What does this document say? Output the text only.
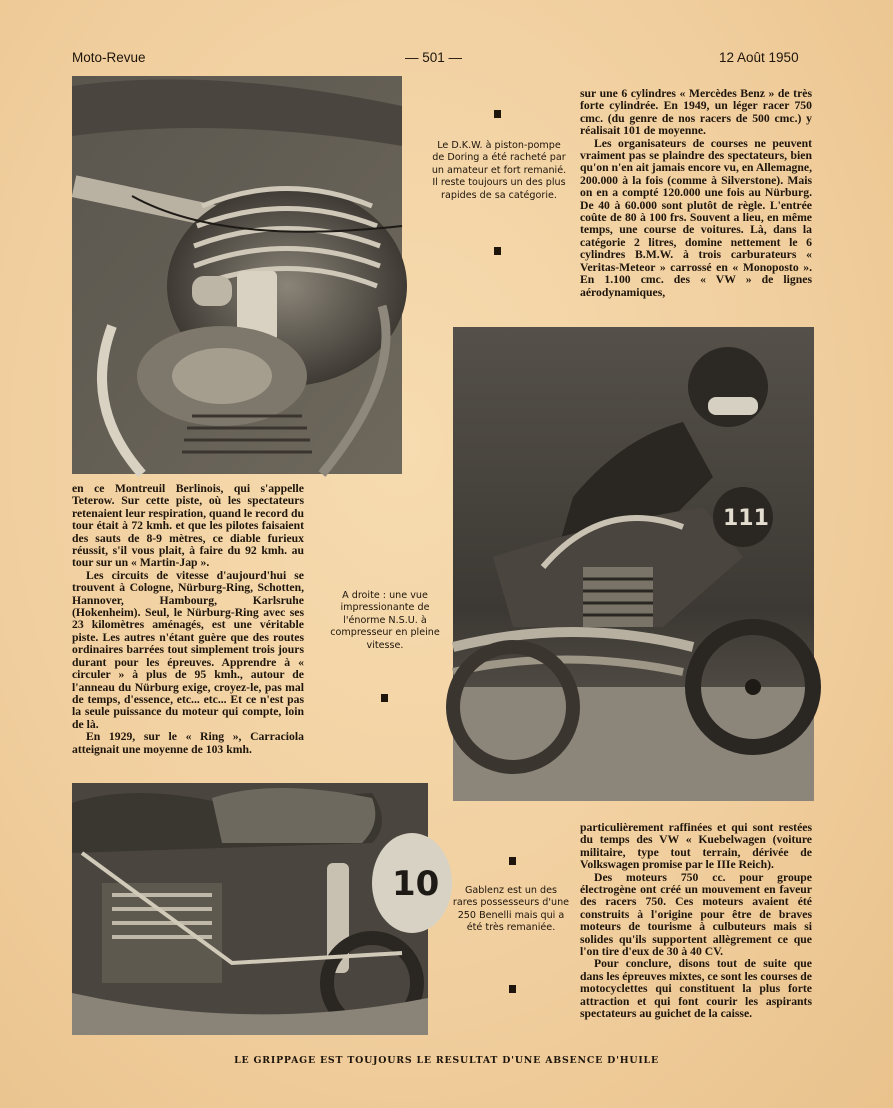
Moto-Revue	— 501 —	12 Août 1950
Le D.K.W. à piston-pompe de Doring a été racheté par un amateur et fort remanié. Il reste toujours un des plus rapides de sa catégorie.

sur une 6 cylindres « Mercèdes Benz » de très forte cylindrée. En 1949, un léger racer 750 cmc. (du genre de nos racers de 500 cmc.) y réalisait 101 de moyenne.

Les organisateurs de courses ne peuvent vraiment pas se plaindre des spectateurs, bien qu'on n'en ait jamais encore vu, en Allemagne, 200.000 à la fois (comme à Silverstone). Mais on en a compté 120.000 une fois au Nürburg. De 40 à 60.000 sont plutôt de règle. L'entrée coûte de 80 à 100 frs. Souvent a lieu, en même temps, une course de voitures. Là, dans la catégorie 2 litres, domine nettement le 6 cylindres B.M.W. à trois carburateurs « Veritas-Meteor » carrossé en « Monoposto ». En 1.100 cmc. des « VW » de lignes aérodynamiques,

111

en ce Montreuil Berlinois, qui s'appelle Teterow. Sur cette piste, où les spectateurs retenaient leur respiration, quand le record du tour était à 72 kmh. et que les pilotes faisaient des sauts de 8-9 mètres, ce diable furieux réussit, s'il vous plait, à faire du 92 kmh. au tour sur un « Martin-Jap ».

Les circuits de vitesse d'aujourd'hui se trouvent à Cologne, Nürburg-Ring, Schotten, Hannover, Hambourg, Karlsruhe (Hokenheim). Seul, le Nürburg-Ring avec ses 23 kilomètres aménagés, est une véritable piste. Les autres n'étant guère que des routes ordinaires barrées tout simplement trois jours durant pour les épreuves. Apprendre à « circuler » à plus de 95 kmh., autour de l'anneau du Nürburg exige, croyez-le, pas mal de temps, d'essence, etc... etc... Et ce n'est pas la seule puissance du moteur qui compte, loin de là.

En 1929, sur le « Ring », Carraciola atteignait une moyenne de 103 kmh.

A droite : une vue impressionante de l'énorme N.S.U. à compresseur en pleine vitesse.
10	Gablenz est un des rares possesseurs d'une 250 Benelli mais qui a été très remaniée.

particulièrement raffinées et qui sont restées du temps des VW « Kuebelwagen (voiture militaire, type tout terrain, dérivée de Volkswagen promise par le IIIe Reich).

Des moteurs 750 cc. pour groupe électrogène ont créé un mouvement en faveur des racers 750. Ces moteurs avaient été construits à l'origine pour être de braves moteurs de tourisme à culbuteurs mais si solides qu'ils supportent allègrement ce que l'on tire d'eux de 30 à 40 CV.

Pour conclure, disons tout de suite que dans les épreuves mixtes, ce sont les courses de motocyclettes qui constituent la plus forte attraction et qui font courir les aspirants spectateurs au guichet de la caisse.

LE GRIPPAGE EST TOUJOURS LE RESULTAT D'UNE ABSENCE D'HUILE
